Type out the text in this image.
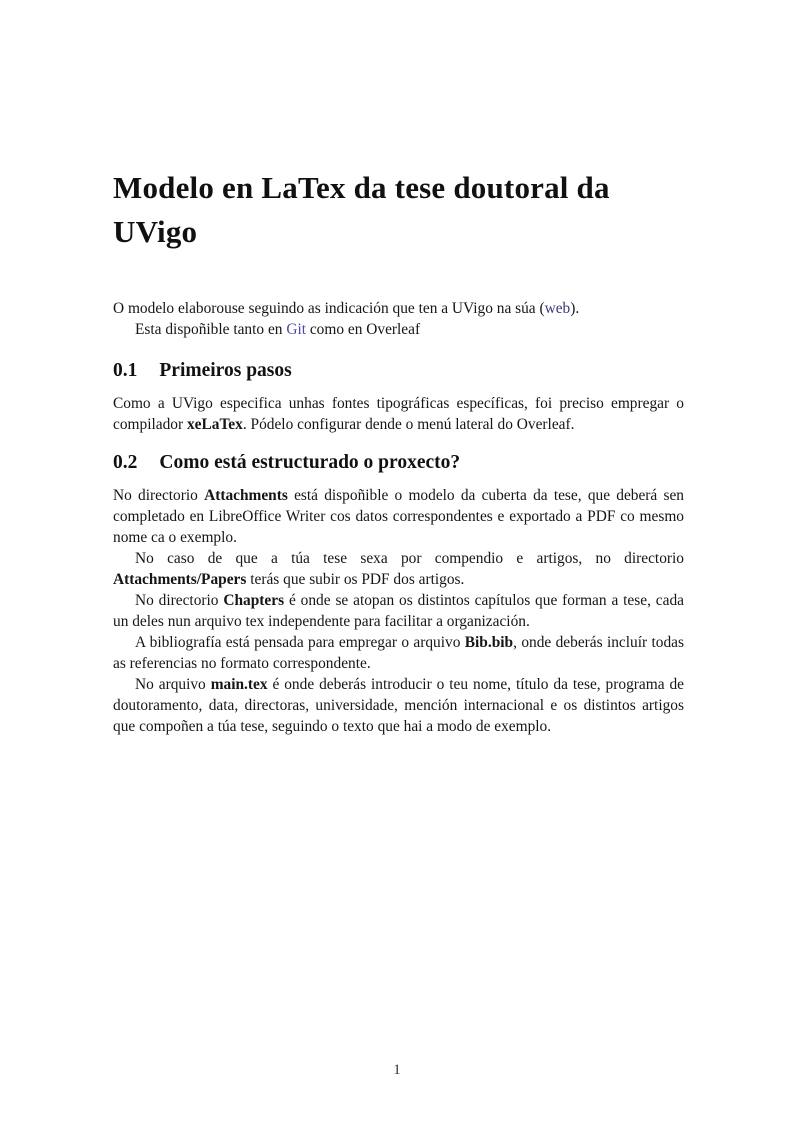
Modelo en LaTex da tese doutoral da UVigo

O modelo elaborouse seguindo as indicación que ten a UVigo na súa (web).

Esta dispoñible tanto en Git como en Overleaf

0.1 Primeiros pasos

Como a UVigo especifica unhas fontes tipográficas específicas, foi preciso empregar o compilador xeLaTex. Pódelo configurar dende o menú lateral do Overleaf.

0.2 Como está estructurado o proxecto?

No directorio Attachments está dispoñible o modelo da cuberta da tese, que deberá sen completado en LibreOffice Writer cos datos correspondentes e exportado a PDF co mesmo nome ca o exemplo.

No caso de que a túa tese sexa por compendio e artigos, no directorio Attachments/Papers terás que subir os PDF dos artigos.

No directorio Chapters é onde se atopan os distintos capítulos que forman a tese, cada un deles nun arquivo tex independente para facilitar a organización.

A bibliografía está pensada para empregar o arquivo Bib.bib, onde deberás incluír todas as referencias no formato correspondente.

No arquivo main.tex é onde deberás introducir o teu nome, título da tese, programa de doutoramento, data, directoras, universidade, mención internacional e os distintos artigos que compoñen a túa tese, seguindo o texto que hai a modo de exemplo.

1
